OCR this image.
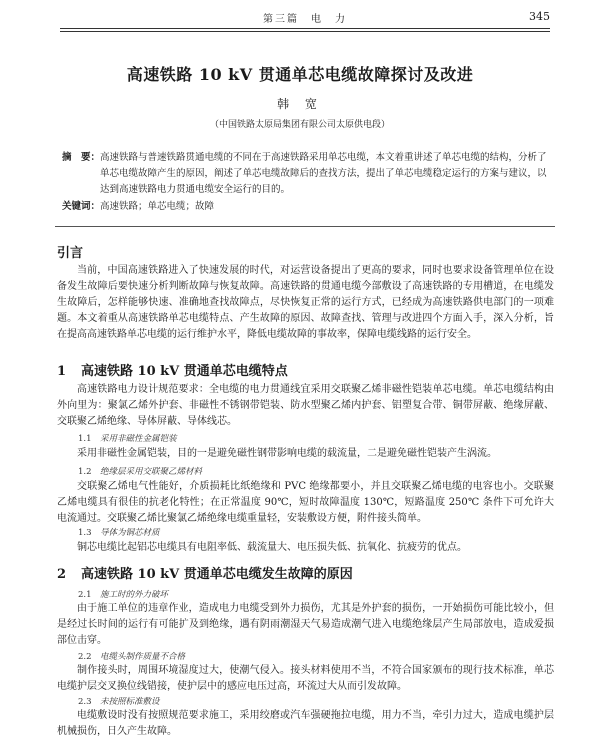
第三篇　电　力	345
高速铁路 10 kV 贯通单芯电缆故障探讨及改进
韩 宽
（中国铁路太原局集团有限公司太原供电段）
摘　要： 高速铁路与普速铁路贯通电缆的不同在于高速铁路采用单芯电缆，本文着重讲述了单芯电缆的结构，分析了单芯电缆故障产生的原因，阐述了单芯电缆故障后的查找方法，提出了单芯电缆稳定运行的方案与建议，以达到高速铁路电力贯通电缆安全运行的目的。
关键词：高速铁路；单芯电缆；故障
引言
当前，中国高速铁路进入了快速发展的时代，对运营设备提出了更高的要求，同时也要求设备管理单位在设备发生故障后要快速分析判断故障与恢复故障。高速铁路的贯通电缆今部敷设了高速铁路的专用槽道，在电缆发生故障后，怎样能够快速、准确地查找故障点，尽快恢复正常的运行方式，已经成为高速铁路供电部门的一项难题。本文着重从高速铁路单芯电缆特点、产生故障的原因、故障查找、管理与改进四个方面入手，深入分析，旨在提高高速铁路单芯电缆的运行维护水平，降低电缆故障的事故率，保障电缆线路的运行安全。
1 高速铁路 10 kV 贯通单芯电缆特点
高速铁路电力设计规范要求：全电缆的电力贯通线宜采用交联聚乙烯非磁性铠装单芯电缆。单芯电缆结构由外向里为：聚氯乙烯外护套、非磁性不锈钢带铠装、防水型聚乙烯内护套、铝塑复合带、铜带屏蔽、绝缘屏蔽、交联聚乙烯绝缘、导体屏蔽、导体线芯。
1.1 采用非磁性金属铠装
采用非磁性金属铠装，目的一是避免磁性钢带影响电缆的载流量，二是避免磁性铠装产生涡流。
1.2 绝缘层采用交联聚乙烯材料
交联聚乙烯电气性能好，介质损耗比纸绝缘和 PVC 绝缘都要小，并且交联聚乙烯电缆的电容也小。交联聚乙烯电缆具有很佳的抗老化特性；在正常温度 90℃，短时故障温度 130℃，短路温度 250℃ 条件下可允许大电流通过。交联聚乙烯比聚氯乙烯绝缘电缆重量轻，安装敷设方便，附件接头简单。
1.3 导体为铜芯材质
铜芯电缆比起铝芯电缆具有电阻率低、载流量大、电压损失低、抗氧化、抗疲劳的优点。
2 高速铁路 10 kV 贯通单芯电缆发生故障的原因
2.1 施工时的外力破坏
由于施工单位的违章作业，造成电力电缆受到外力损伤，尤其是外护套的损伤，一开始损伤可能比较小，但是经过长时间的运行有可能扩及到绝缘，遇有阴雨潮湿天气易造成潮气进入电缆绝缘层产生局部放电，造成爱损部位击穿。
2.2 电缆头制作质量不合格
制作接头时，周围环境湿度过大，使潮气侵入。接头材料使用不当，不符合国家颁布的现行技术标准，单芯电缆护层交叉换位线错接，使护层中的感应电压过高，环流过大从而引发故障。
2.3 未按照标准敷设
电缆敷设时没有按照规范要求施工，采用绞磨或汽车强硬拖拉电缆，用力不当，牵引力过大，造成电缆护层机械损伤，日久产生故障。
